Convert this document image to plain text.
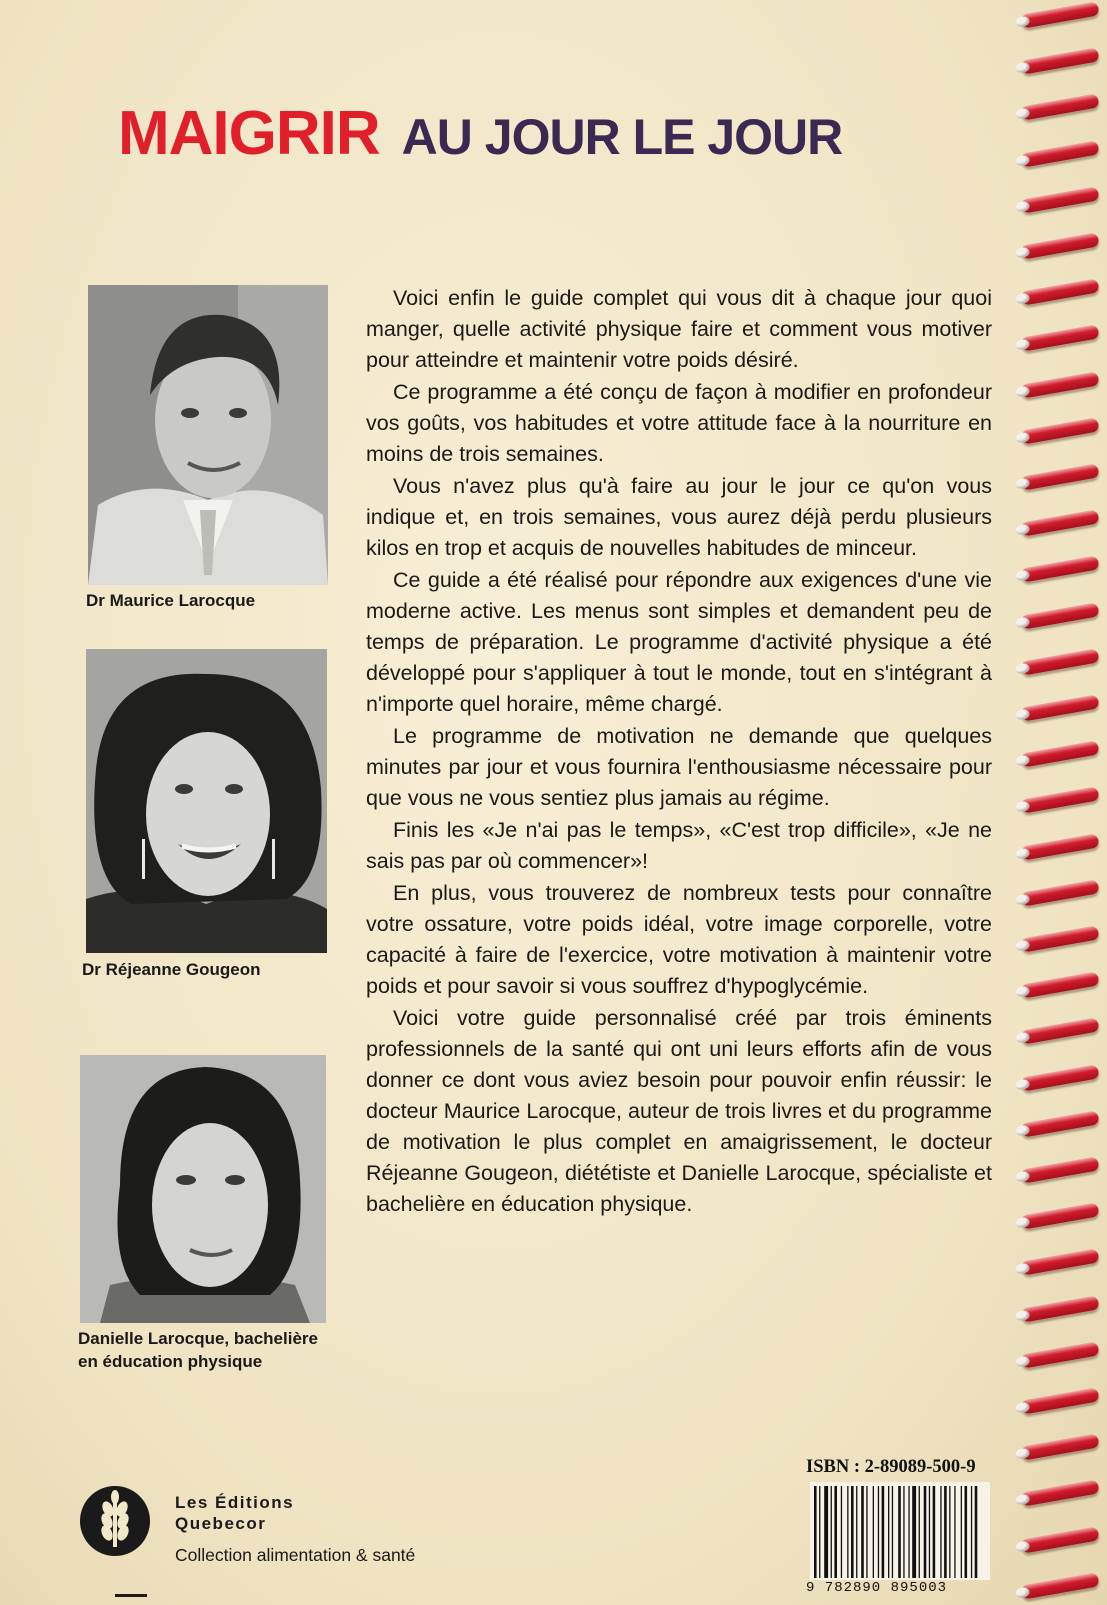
MAIGRIR AU JOUR LE JOUR
Dr Maurice Larocque
Dr Réjeanne Gougeon
Danielle Larocque, bachelière
en éducation physique

Voici enfin le guide complet qui vous dit à chaque jour quoi manger, quelle activité physique faire et comment vous motiver pour atteindre et maintenir votre poids désiré.

Ce programme a été conçu de façon à modifier en profondeur vos goûts, vos habitudes et votre attitude face à la nourriture en moins de trois semaines.

Vous n'avez plus qu'à faire au jour le jour ce qu'on vous indique et, en trois semaines, vous aurez déjà perdu plusieurs kilos en trop et acquis de nouvelles habitudes de minceur.

Ce guide a été réalisé pour répondre aux exigences d'une vie moderne active. Les menus sont simples et demandent peu de temps de préparation. Le programme d'activité physique a été développé pour s'appliquer à tout le monde, tout en s'intégrant à n'importe quel horaire, même chargé.

Le programme de motivation ne demande que quelques minutes par jour et vous fournira l'enthousiasme nécessaire pour que vous ne vous sentiez plus jamais au régime.

Finis les «Je n'ai pas le temps», «C'est trop difficile», «Je ne sais pas par où commencer»!

En plus, vous trouverez de nombreux tests pour connaître votre ossature, votre poids idéal, votre image corporelle, votre capacité à faire de l'exercice, votre motivation à maintenir votre poids et pour savoir si vous souffrez d'hypoglycémie.

Voici votre guide personnalisé créé par trois éminents professionnels de la santé qui ont uni leurs efforts afin de vous donner ce dont vous aviez besoin pour pouvoir enfin réussir: le docteur Maurice Larocque, auteur de trois livres et du programme de motivation le plus complet en amaigrissement, le docteur Réjeanne Gougeon, diététiste et Danielle Larocque, spécialiste et bachelière en éducation physique.

Les Éditions
Quebecor
Collection alimentation & santé
ISBN : 2-89089-500-9
9 782890 895003
